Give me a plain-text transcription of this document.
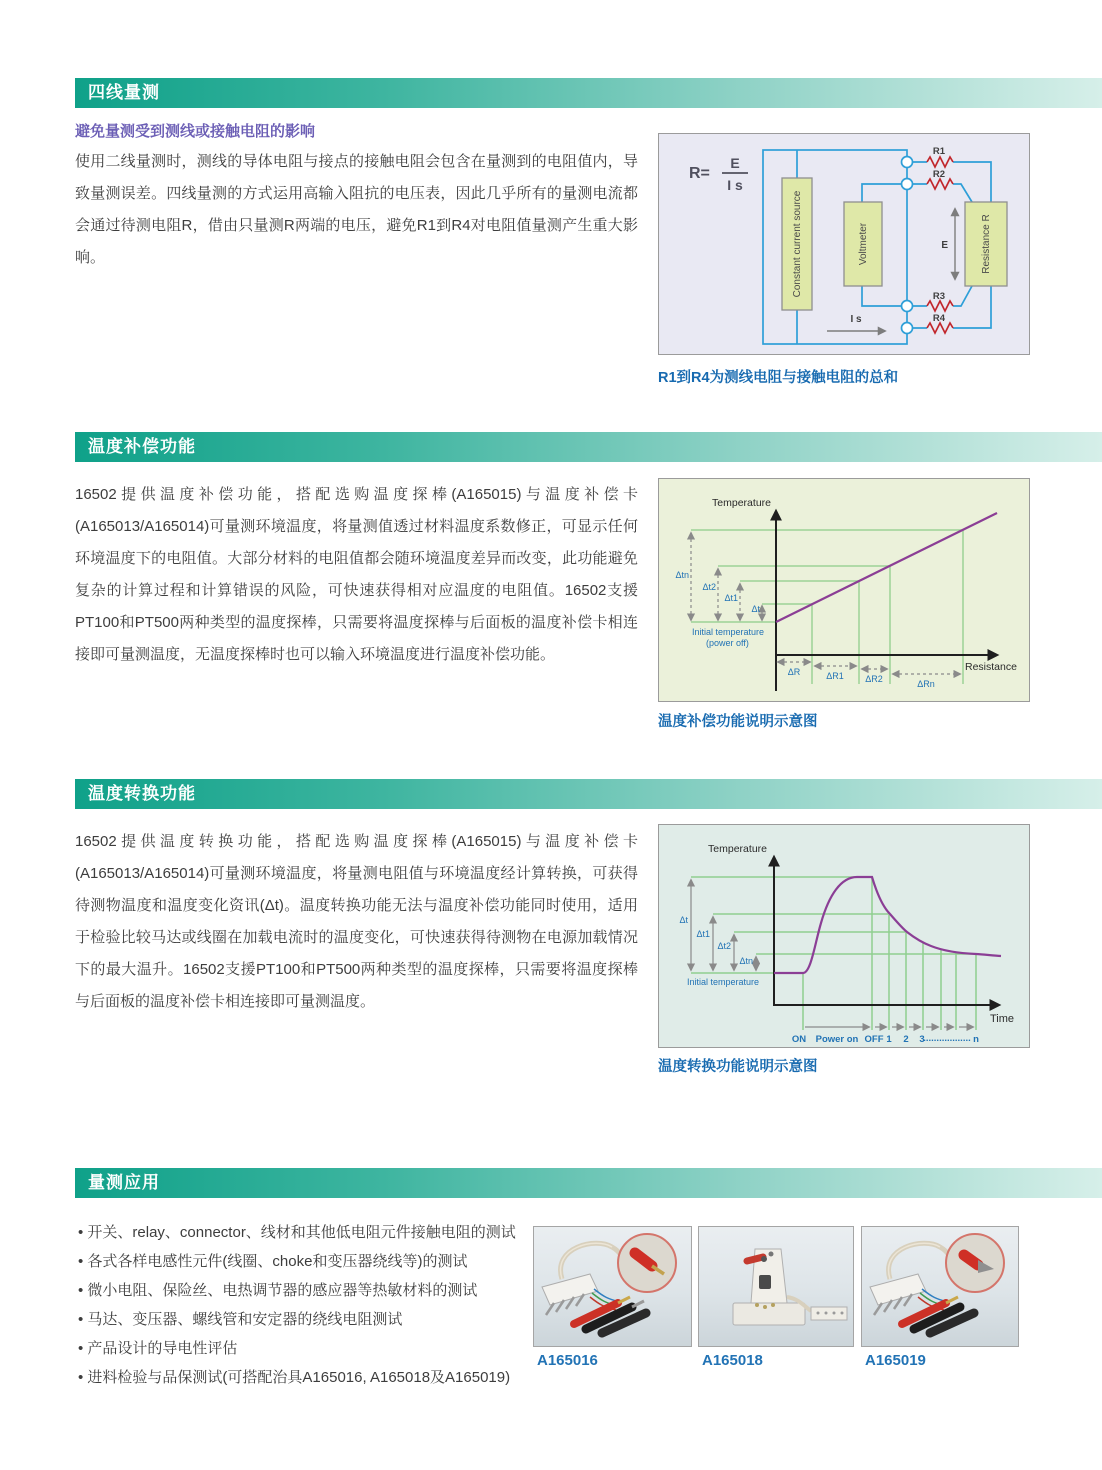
四线量测
避免量测受到测线或接触电阻的影响
使用二线量测时，测线的导体电阻与接点的接触电阻会包含在量测到的电阻值内，导致量测误差。四线量测的方式运用高输入阻抗的电压表，因此几乎所有的量测电流都会通过待测电阻R，借由只量测R两端的电压，避免R1到R4对电阻值量测产生重大影响。
R=
E
I s
Constant current source	Voltmeter	Resistance R
R1
R2
R3
R4
E
I s
R1到R4为测线电阻与接触电阻的总和
温度补偿功能
16502提供温度补偿功能，搭配选购温度探棒(A165015)与温度补偿卡(A165013/A165014)可量测环境温度，将量测值透过材料温度系数修正，可显示任何环境温度下的电阻值。大部分材料的电阻值都会随环境温度差异而改变，此功能避免复杂的计算过程和计算错误的风险，可快速获得相对应温度的电阻值。16502支援PT100和PT500两种类型的温度探棒，只需要将温度探棒与后面板的温度补偿卡相连接即可量测温度，无温度探棒时也可以输入环境温度进行温度补偿功能。
Temperature
Resistance
Δtn
Δt2
Δt1
Δt
Initial temperature
(power off)
ΔR	ΔR1 ΔR2	ΔRn
温度补偿功能说明示意图
温度转换功能
16502提供温度转换功能，搭配选购温度探棒(A165015)与温度补偿卡(A165013/A165014)可量测环境温度，将量测电阻值与环境温度经计算转换，可获得待测物温度和温度变化资讯(Δt)。温度转换功能无法与温度补偿功能同时使用，适用于检验比较马达或线圈在加载电流时的温度变化，可快速获得待测物在电源加载情况下的最大温升。16502支援PT100和PT500两种类型的温度探棒，只需要将温度探棒与后面板的温度补偿卡相连接即可量测温度。
Temperature
Time
Δt
Δt1
Δt2
Δtn
Initial temperature
ON Power on OFF 1 2 3
.................. n
温度转换功能说明示意图
量测应用
• 开关、relay、connector、线材和其他低电阻元件接触电阻的测试
• 各式各样电感性元件(线圈、choke和变压器绕线等)的测试
• 微小电阻、保险丝、电热调节器的感应器等热敏材料的测试
• 马达、变压器、螺线管和安定器的绕线电阻测试
• 产品设计的导电性评估
• 进料检验与品保测试(可搭配治具A165016, A165018及A165019)
A165016	A165018	A165019
